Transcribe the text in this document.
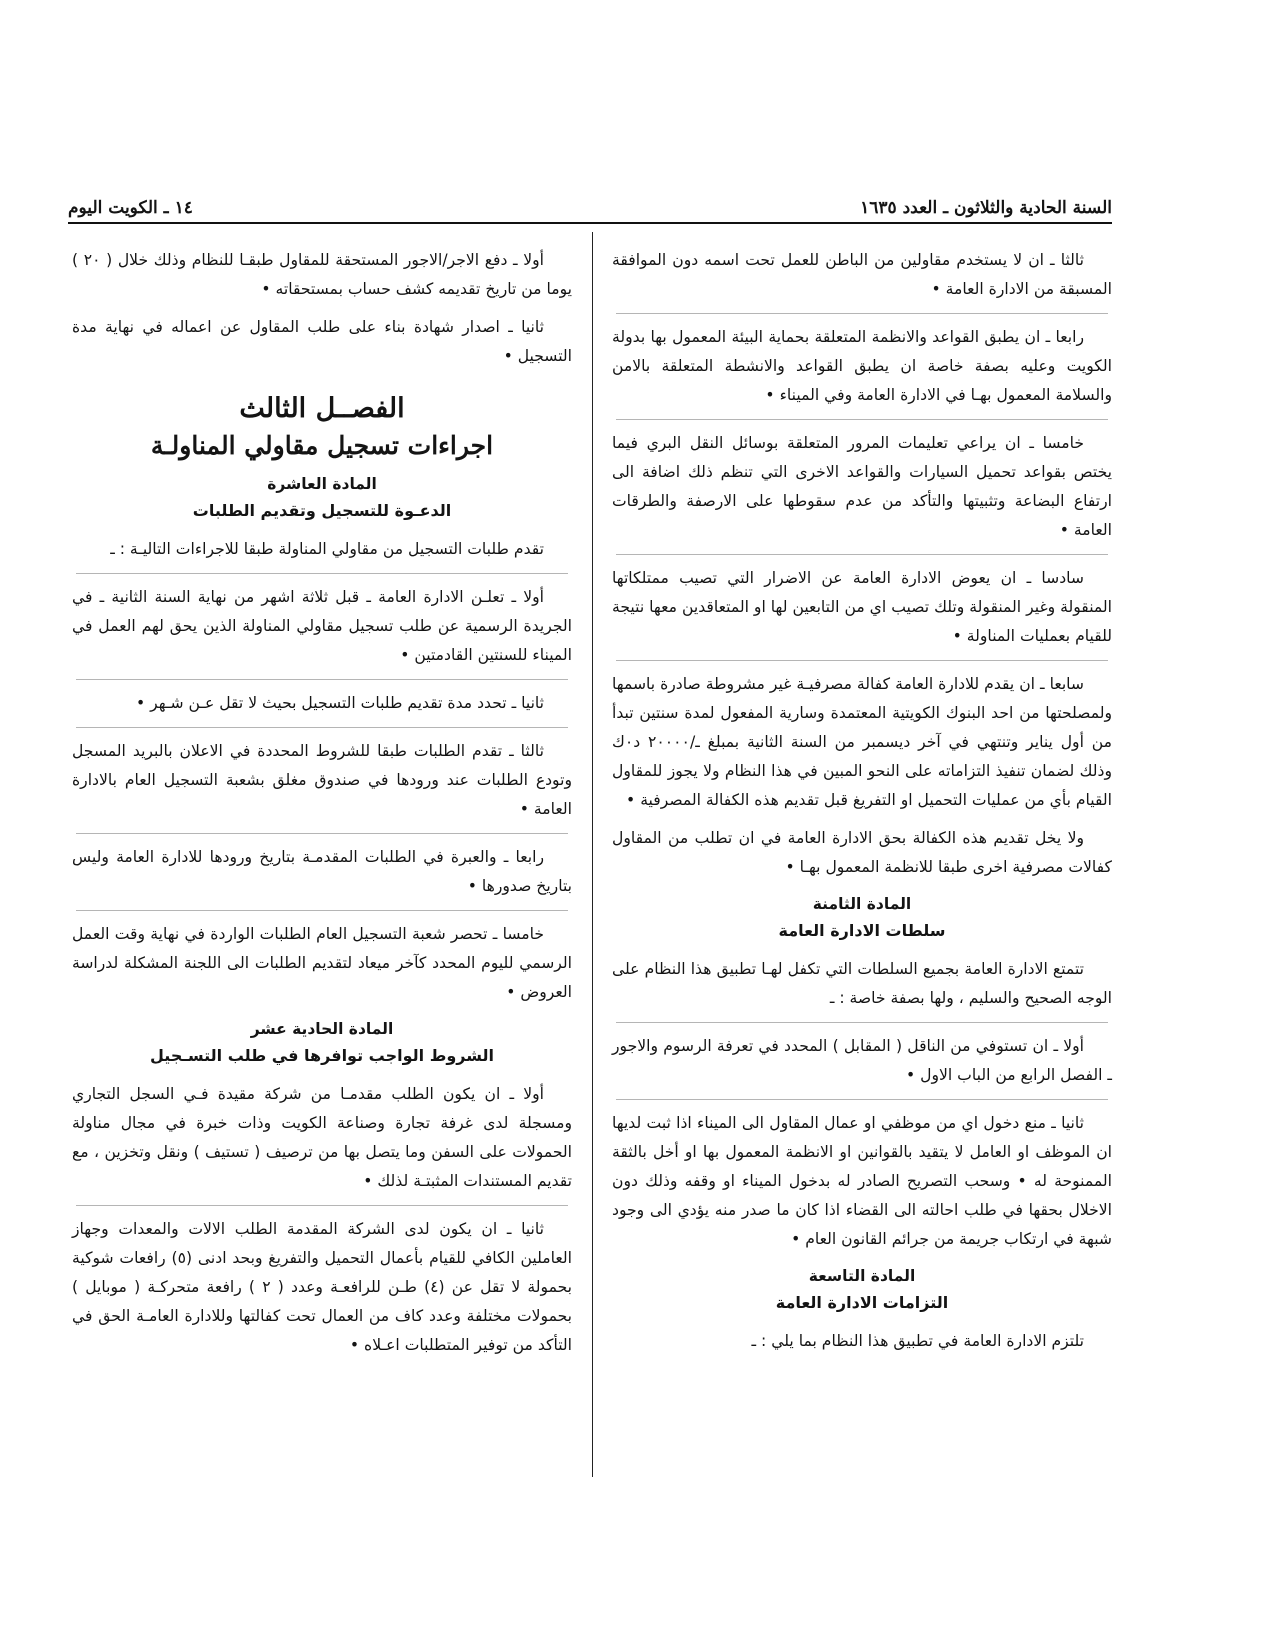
السنة الحادية والثلاثون ـ العدد ١٦٣٥
١٤ ـ الكويت اليوم

ثالثا ـ ان لا يستخدم مقاولين من الباطن للعمل تحت اسمه دون الموافقة المسبقة من الادارة العامة •

رابعا ـ ان يطبق القواعد والانظمة المتعلقة بحماية البيئة المعمول بها بدولة الكويت وعليه بصفة خاصة ان يطبق القواعد والانشطة المتعلقة بالامن والسلامة المعمول بهـا في الادارة العامة وفي الميناء •

خامسا ـ ان يراعي تعليمات المرور المتعلقة بوسائل النقل البري فيما يختص بقواعد تحميل السيارات والقواعد الاخرى التي تنظم ذلك اضافة الى ارتفاع البضاعة وتثبيتها والتأكد من عدم سقوطها على الارصفة والطرقات العامة •

سادسا ـ ان يعوض الادارة العامة عن الاضرار التي تصيب ممتلكاتها المنقولة وغير المنقولة وتلك تصيب اي من التابعين لها او المتعاقدين معها نتيجة للقيام بعمليات المناولة •

سابعا ـ ان يقدم للادارة العامة كفالة مصرفيـة غير مشروطة صادرة باسمها ولمصلحتها من احد البنوك الكويتية المعتمدة وسارية المفعول لمدة سنتين تبدأ من أول يناير وتنتهي في آخر ديسمبر من السنة الثانية بمبلغ ـ/٢٠٠٠٠ د٠ك وذلك لضمان تنفيذ التزاماته على النحو المبين في هذا النظام ولا يجوز للمقاول القيام بأي من عمليات التحميل او التفريغ قبل تقديم هذه الكفالة المصرفية •

ولا يخل تقديم هذه الكفالة بحق الادارة العامة في ان تطلب من المقاول كفالات مصرفية اخرى طبقا للانظمة المعمول بهـا •

المادة الثامنة
سلطات الادارة العامة

تتمتع الادارة العامة بجميع السلطات التي تكفل لهـا تطبيق هذا النظام على الوجه الصحيح والسليم ، ولها بصفة خاصة : ـ

أولا ـ ان تستوفي من الناقل ( المقابل ) المحدد في تعرفة الرسوم والاجور ـ الفصل الرابع من الباب الاول •

ثانيا ـ منع دخول اي من موظفي او عمال المقاول الى الميناء اذا ثبت لديها ان الموظف او العامل لا يتقيد بالقوانين او الانظمة المعمول بها او أخل بالثقة الممنوحة له • وسحب التصريح الصادر له بدخول الميناء او وقفه وذلك دون الاخلال بحقها في طلب احالته الى القضاء اذا كان ما صدر منه يؤدي الى وجود شبهة في ارتكاب جريمة من جرائم القانون العام •

المادة التاسعة
التزامات الادارة العامة

تلتزم الادارة العامة في تطبيق هذا النظام بما يلي : ـ

أولا ـ دفع الاجر/الاجور المستحقة للمقاول طبقـا للنظام وذلك خلال ( ٢٠ ) يوما من تاريخ تقديمه كشف حساب بمستحقاته •

ثانيا ـ اصدار شهادة بناء على طلب المقاول عن اعماله في نهاية مدة التسجيل •

الفصــل الثالث
اجراءات تسجيل مقاولي المناولـة
المادة العاشرة
الدعـوة للتسجيل وتقديم الطلبات

تقدم طلبات التسجيل من مقاولي المناولة طبقا للاجراءات التاليـة : ـ

أولا ـ تعلـن الادارة العامة ـ قبل ثلاثة اشهر من نهاية السنة الثانية ـ في الجريدة الرسمية عن طلب تسجيل مقاولي المناولة الذين يحق لهم العمل في الميناء للسنتين القادمتين •

ثانيا ـ تحدد مدة تقديم طلبات التسجيل بحيث لا تقل عـن شـهر •

ثالثا ـ تقدم الطلبات طبقا للشروط المحددة في الاعلان بالبريد المسجل وتودع الطلبات عند ورودها في صندوق مغلق بشعبة التسجيل العام بالادارة العامة •

رابعا ـ والعبرة في الطلبات المقدمـة بتاريخ ورودها للادارة العامة وليس بتاريخ صدورها •

خامسا ـ تحصر شعبة التسجيل العام الطلبات الواردة في نهاية وقت العمل الرسمي لليوم المحدد كآخر ميعاد لتقديم الطلبات الى اللجنة المشكلة لدراسة العروض •

المادة الحادية عشر
الشروط الواجب توافرها في طلب التسـجيل

أولا ـ ان يكون الطلب مقدمـا من شركة مقيدة فـي السجل التجاري ومسجلة لدى غرفة تجارة وصناعة الكويت وذات خبرة في مجال مناولة الحمولات على السفن وما يتصل بها من ترصيف ( تستيف ) ونقل وتخزين ، مع تقديم المستندات المثبتـة لذلك •

ثانيا ـ ان يكون لدى الشركة المقدمة الطلب الالات والمعدات وجهاز العاملين الكافي للقيام بأعمال التحميل والتفريغ وبحد ادنى (٥) رافعات شوكية بحمولة لا تقل عن (٤) طـن للرافعـة وعدد ( ٢ ) رافعة متحركـة ( موبايل ) بحمولات مختلفة وعدد كاف من العمال تحت كفالتها وللادارة العامـة الحق في التأكد من توفير المتطلبات اعـلاه •
